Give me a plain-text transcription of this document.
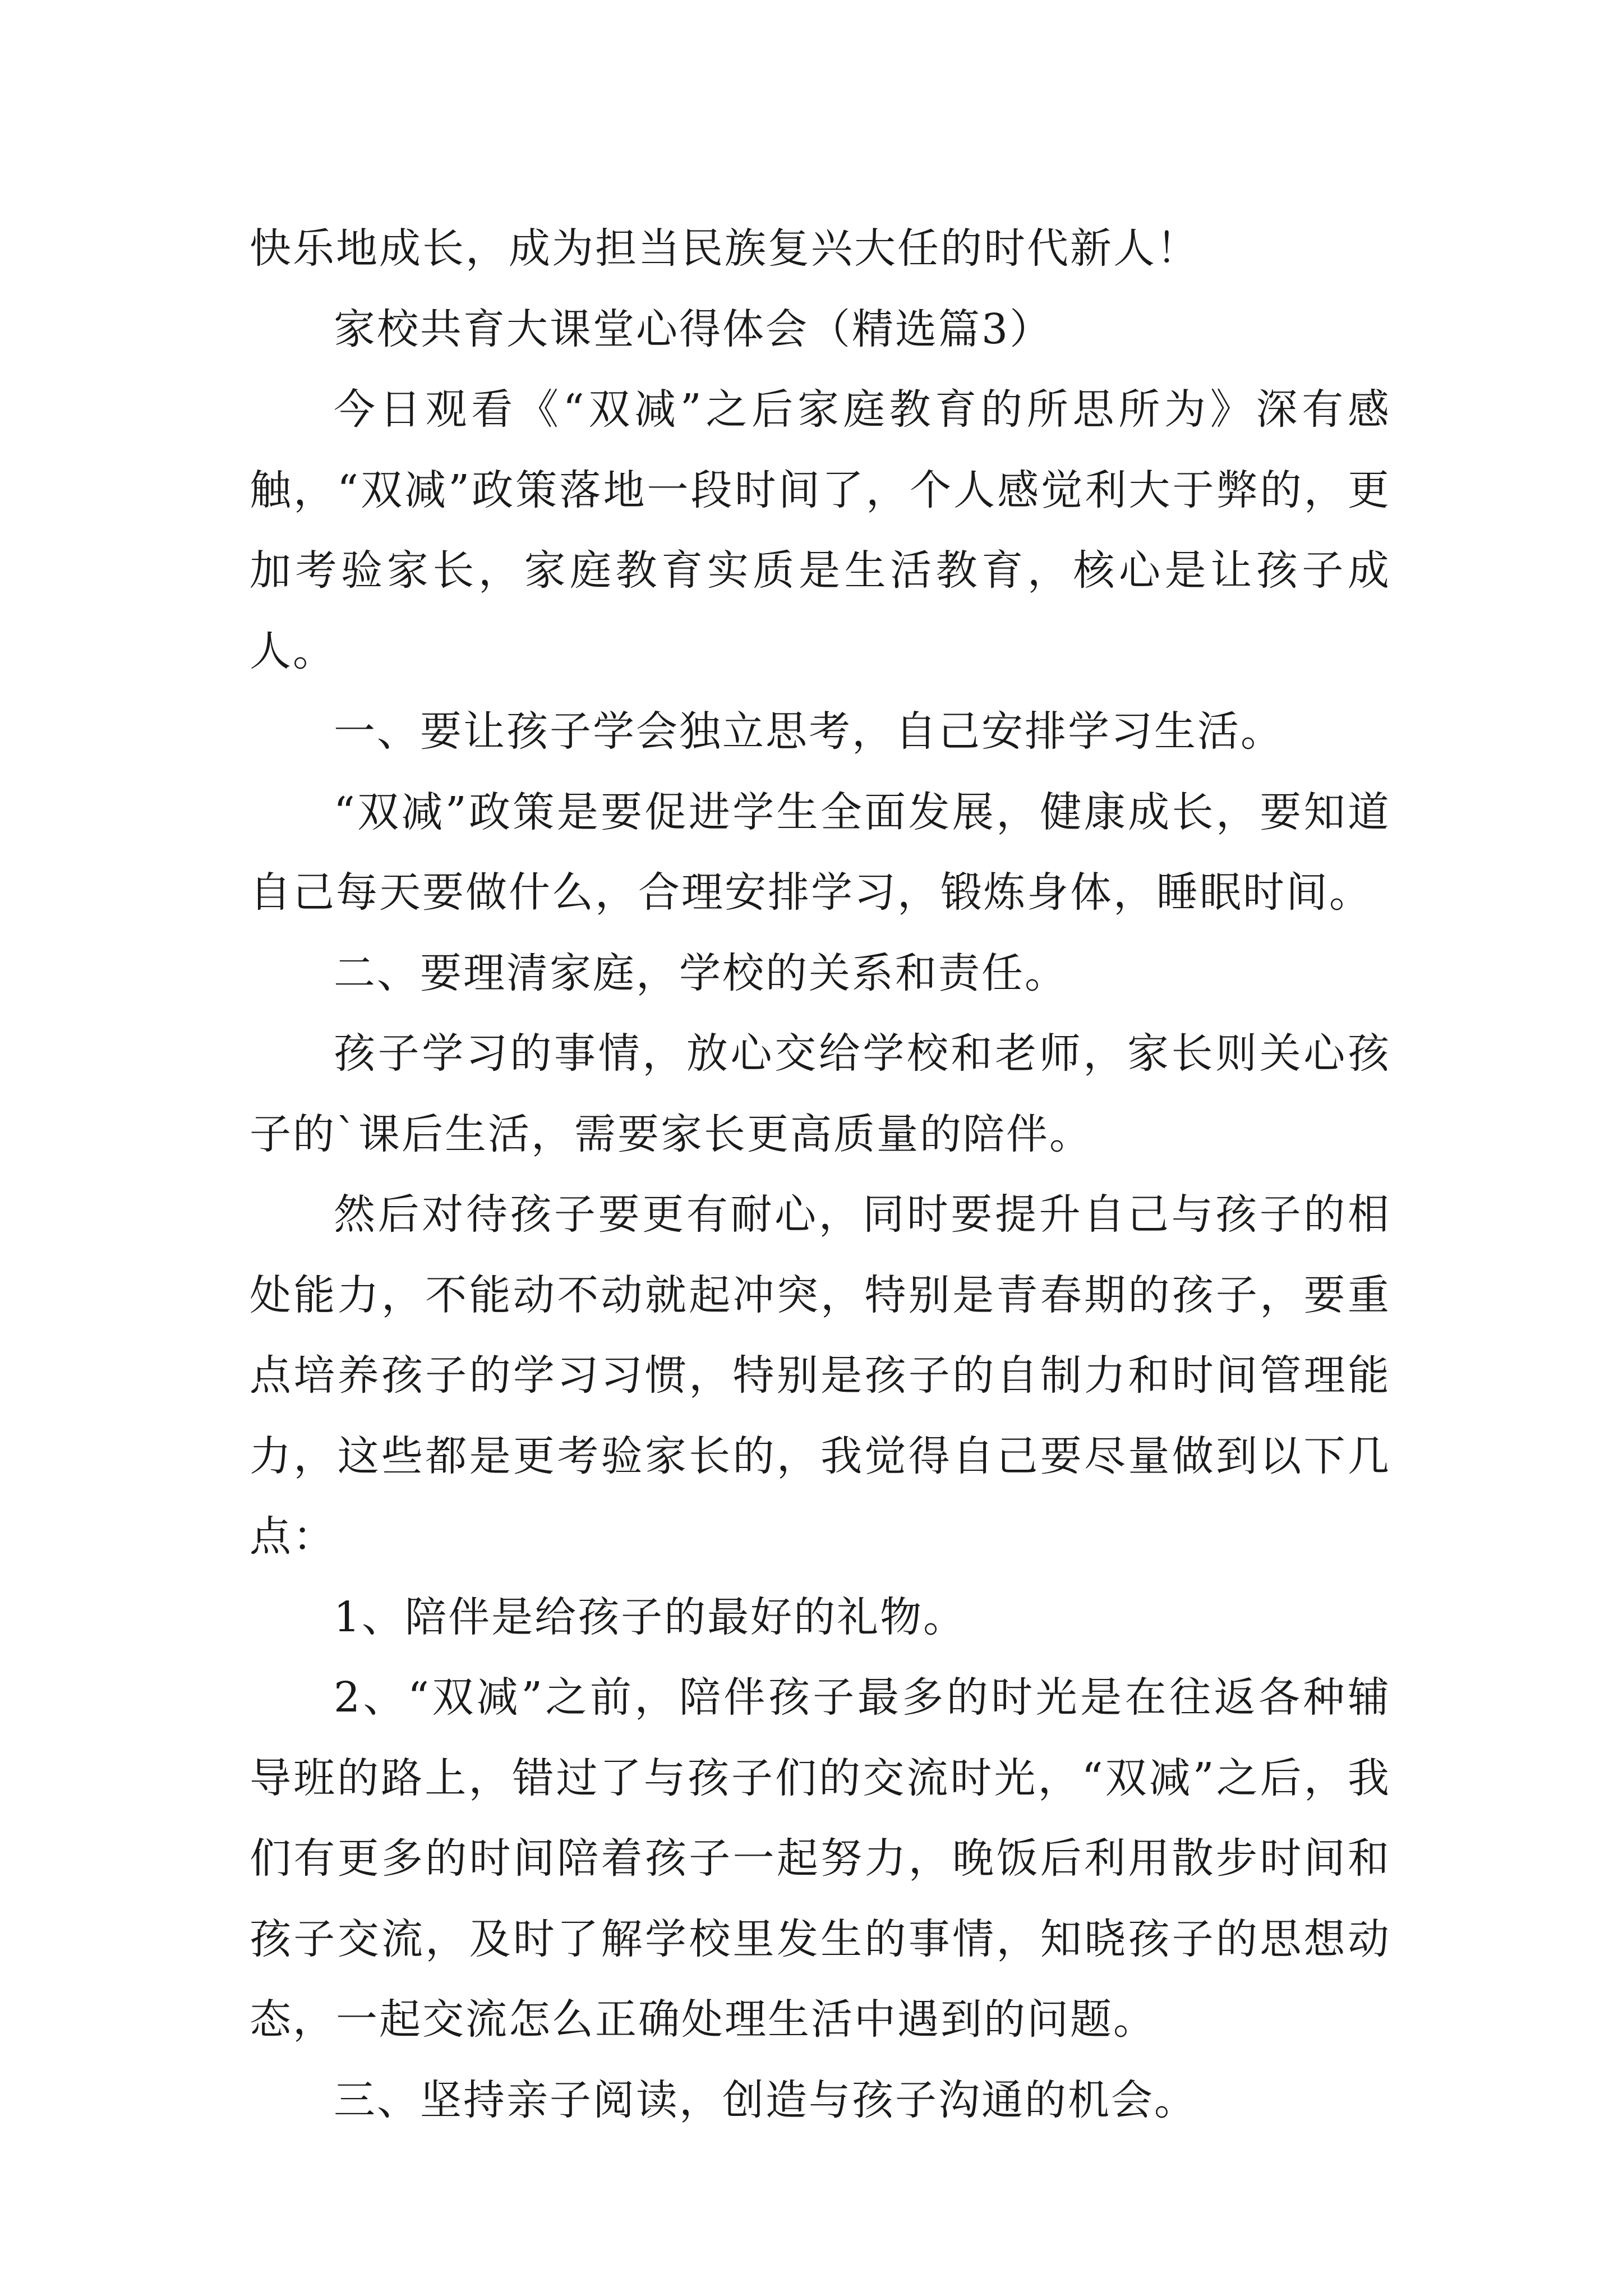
快乐地成长，成为担当民族复兴大任的时代新人！

家校共育大课堂心得体会（精选篇3）

今日观看《“双减”之后家庭教育的所思所为》深有感触，“双减”政策落地一段时间了，个人感觉利大于弊的，更加考验家长，家庭教育实质是生活教育，核心是让孩子成人。

一、要让孩子学会独立思考，自己安排学习生活。

“双减”政策是要促进学生全面发展，健康成长，要知道自己每天要做什么，合理安排学习，锻炼身体，睡眠时间。

二、要理清家庭，学校的关系和责任。

孩子学习的事情，放心交给学校和老师，家长则关心孩子的`课后生活，需要家长更高质量的陪伴。

然后对待孩子要更有耐心，同时要提升自己与孩子的相处能力，不能动不动就起冲突，特别是青春期的孩子，要重点培养孩子的学习习惯，特别是孩子的自制力和时间管理能力，这些都是更考验家长的，我觉得自己要尽量做到以下几点：

1、陪伴是给孩子的最好的礼物。

2、“双减”之前，陪伴孩子最多的时光是在往返各种辅导班的路上，错过了与孩子们的交流时光，“双减”之后，我们有更多的时间陪着孩子一起努力，晚饭后利用散步时间和孩子交流，及时了解学校里发生的事情，知晓孩子的思想动态，一起交流怎么正确处理生活中遇到的问题。

三、坚持亲子阅读，创造与孩子沟通的机会。
